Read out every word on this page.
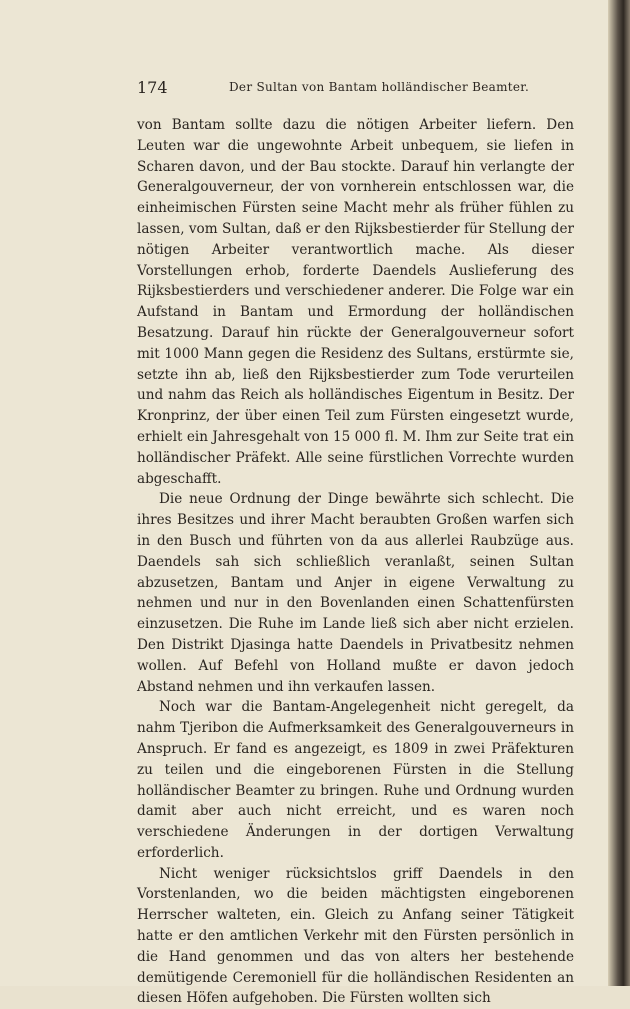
174	Der Sultan von Bantam holländischer Beamter.

von Bantam sollte dazu die nötigen Arbeiter liefern. Den Leuten war die ungewohnte Arbeit unbequem, sie liefen in Scharen davon, und der Bau stockte. Darauf hin verlangte der Generalgouverneur, der von vornherein entschlossen war, die einheimischen Fürsten seine Macht mehr als früher fühlen zu lassen, vom Sultan, daß er den Rijksbestierder für Stellung der nötigen Arbeiter verantwortlich mache. Als dieser Vorstellungen erhob, forderte Daendels Auslieferung des Rijksbestierders und verschiedener anderer. Die Folge war ein Aufstand in Bantam und Ermordung der holländischen Besatzung. Darauf hin rückte der Generalgouverneur sofort mit 1000 Mann gegen die Residenz des Sultans, erstürmte sie, setzte ihn ab, ließ den Rijksbestierder zum Tode verurteilen und nahm das Reich als holländisches Eigentum in Besitz. Der Kronprinz, der über einen Teil zum Fürsten eingesetzt wurde, erhielt ein Jahresgehalt von 15 000 fl. M. Ihm zur Seite trat ein holländischer Präfekt. Alle seine fürstlichen Vorrechte wurden abgeschafft.

Die neue Ordnung der Dinge bewährte sich schlecht. Die ihres Besitzes und ihrer Macht beraubten Großen warfen sich in den Busch und führten von da aus allerlei Raubzüge aus. Daendels sah sich schließlich veranlaßt, seinen Sultan abzusetzen, Bantam und Anjer in eigene Verwaltung zu nehmen und nur in den Bovenlanden einen Schattenfürsten einzusetzen. Die Ruhe im Lande ließ sich aber nicht erzielen. Den Distrikt Djasinga hatte Daendels in Privatbesitz nehmen wollen. Auf Befehl von Holland mußte er davon jedoch Abstand nehmen und ihn verkaufen lassen.

Noch war die Bantam-Angelegenheit nicht geregelt, da nahm Tjeribon die Aufmerksamkeit des Generalgouverneurs in Anspruch. Er fand es angezeigt, es 1809 in zwei Präfekturen zu teilen und die eingeborenen Fürsten in die Stellung holländischer Beamter zu bringen. Ruhe und Ordnung wurden damit aber auch nicht erreicht, und es waren noch verschiedene Änderungen in der dortigen Verwaltung erforderlich.

Nicht weniger rücksichtslos griff Daendels in den Vorstenlanden, wo die beiden mächtigsten eingeborenen Herrscher walteten, ein. Gleich zu Anfang seiner Tätigkeit hatte er den amtlichen Verkehr mit den Fürsten persönlich in die Hand genommen und das von alters her bestehende demütigende Ceremoniell für die holländischen Residenten an diesen Höfen aufgehoben. Die Fürsten wollten sich
